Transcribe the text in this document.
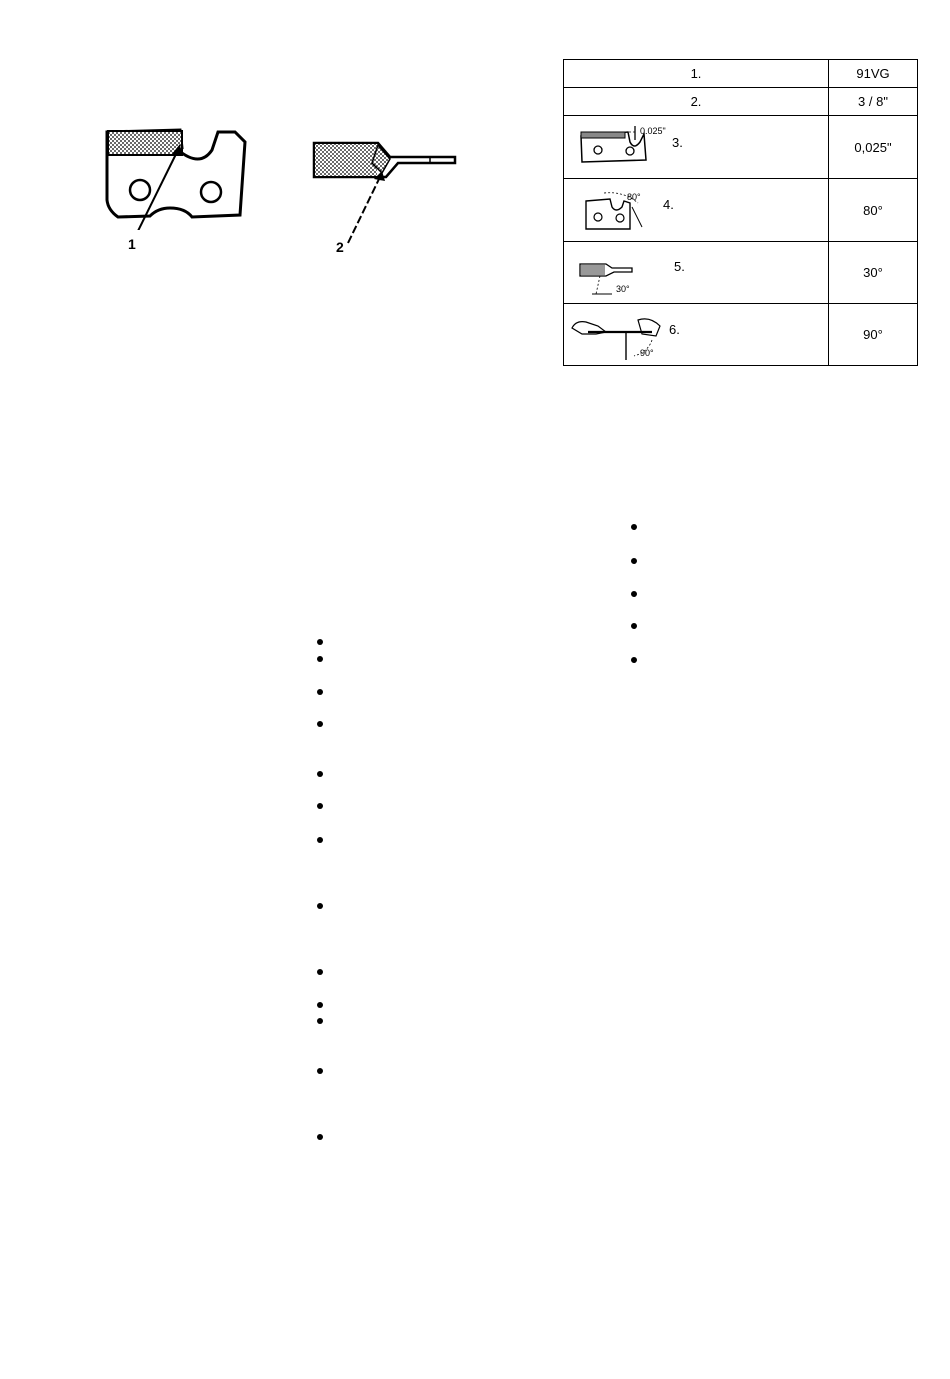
1	2
1.	91VG
2.	3 / 8"

0.025"
3.	0,025"

80° 4.	80°

30°
5.	30°

90°
6.	90°
